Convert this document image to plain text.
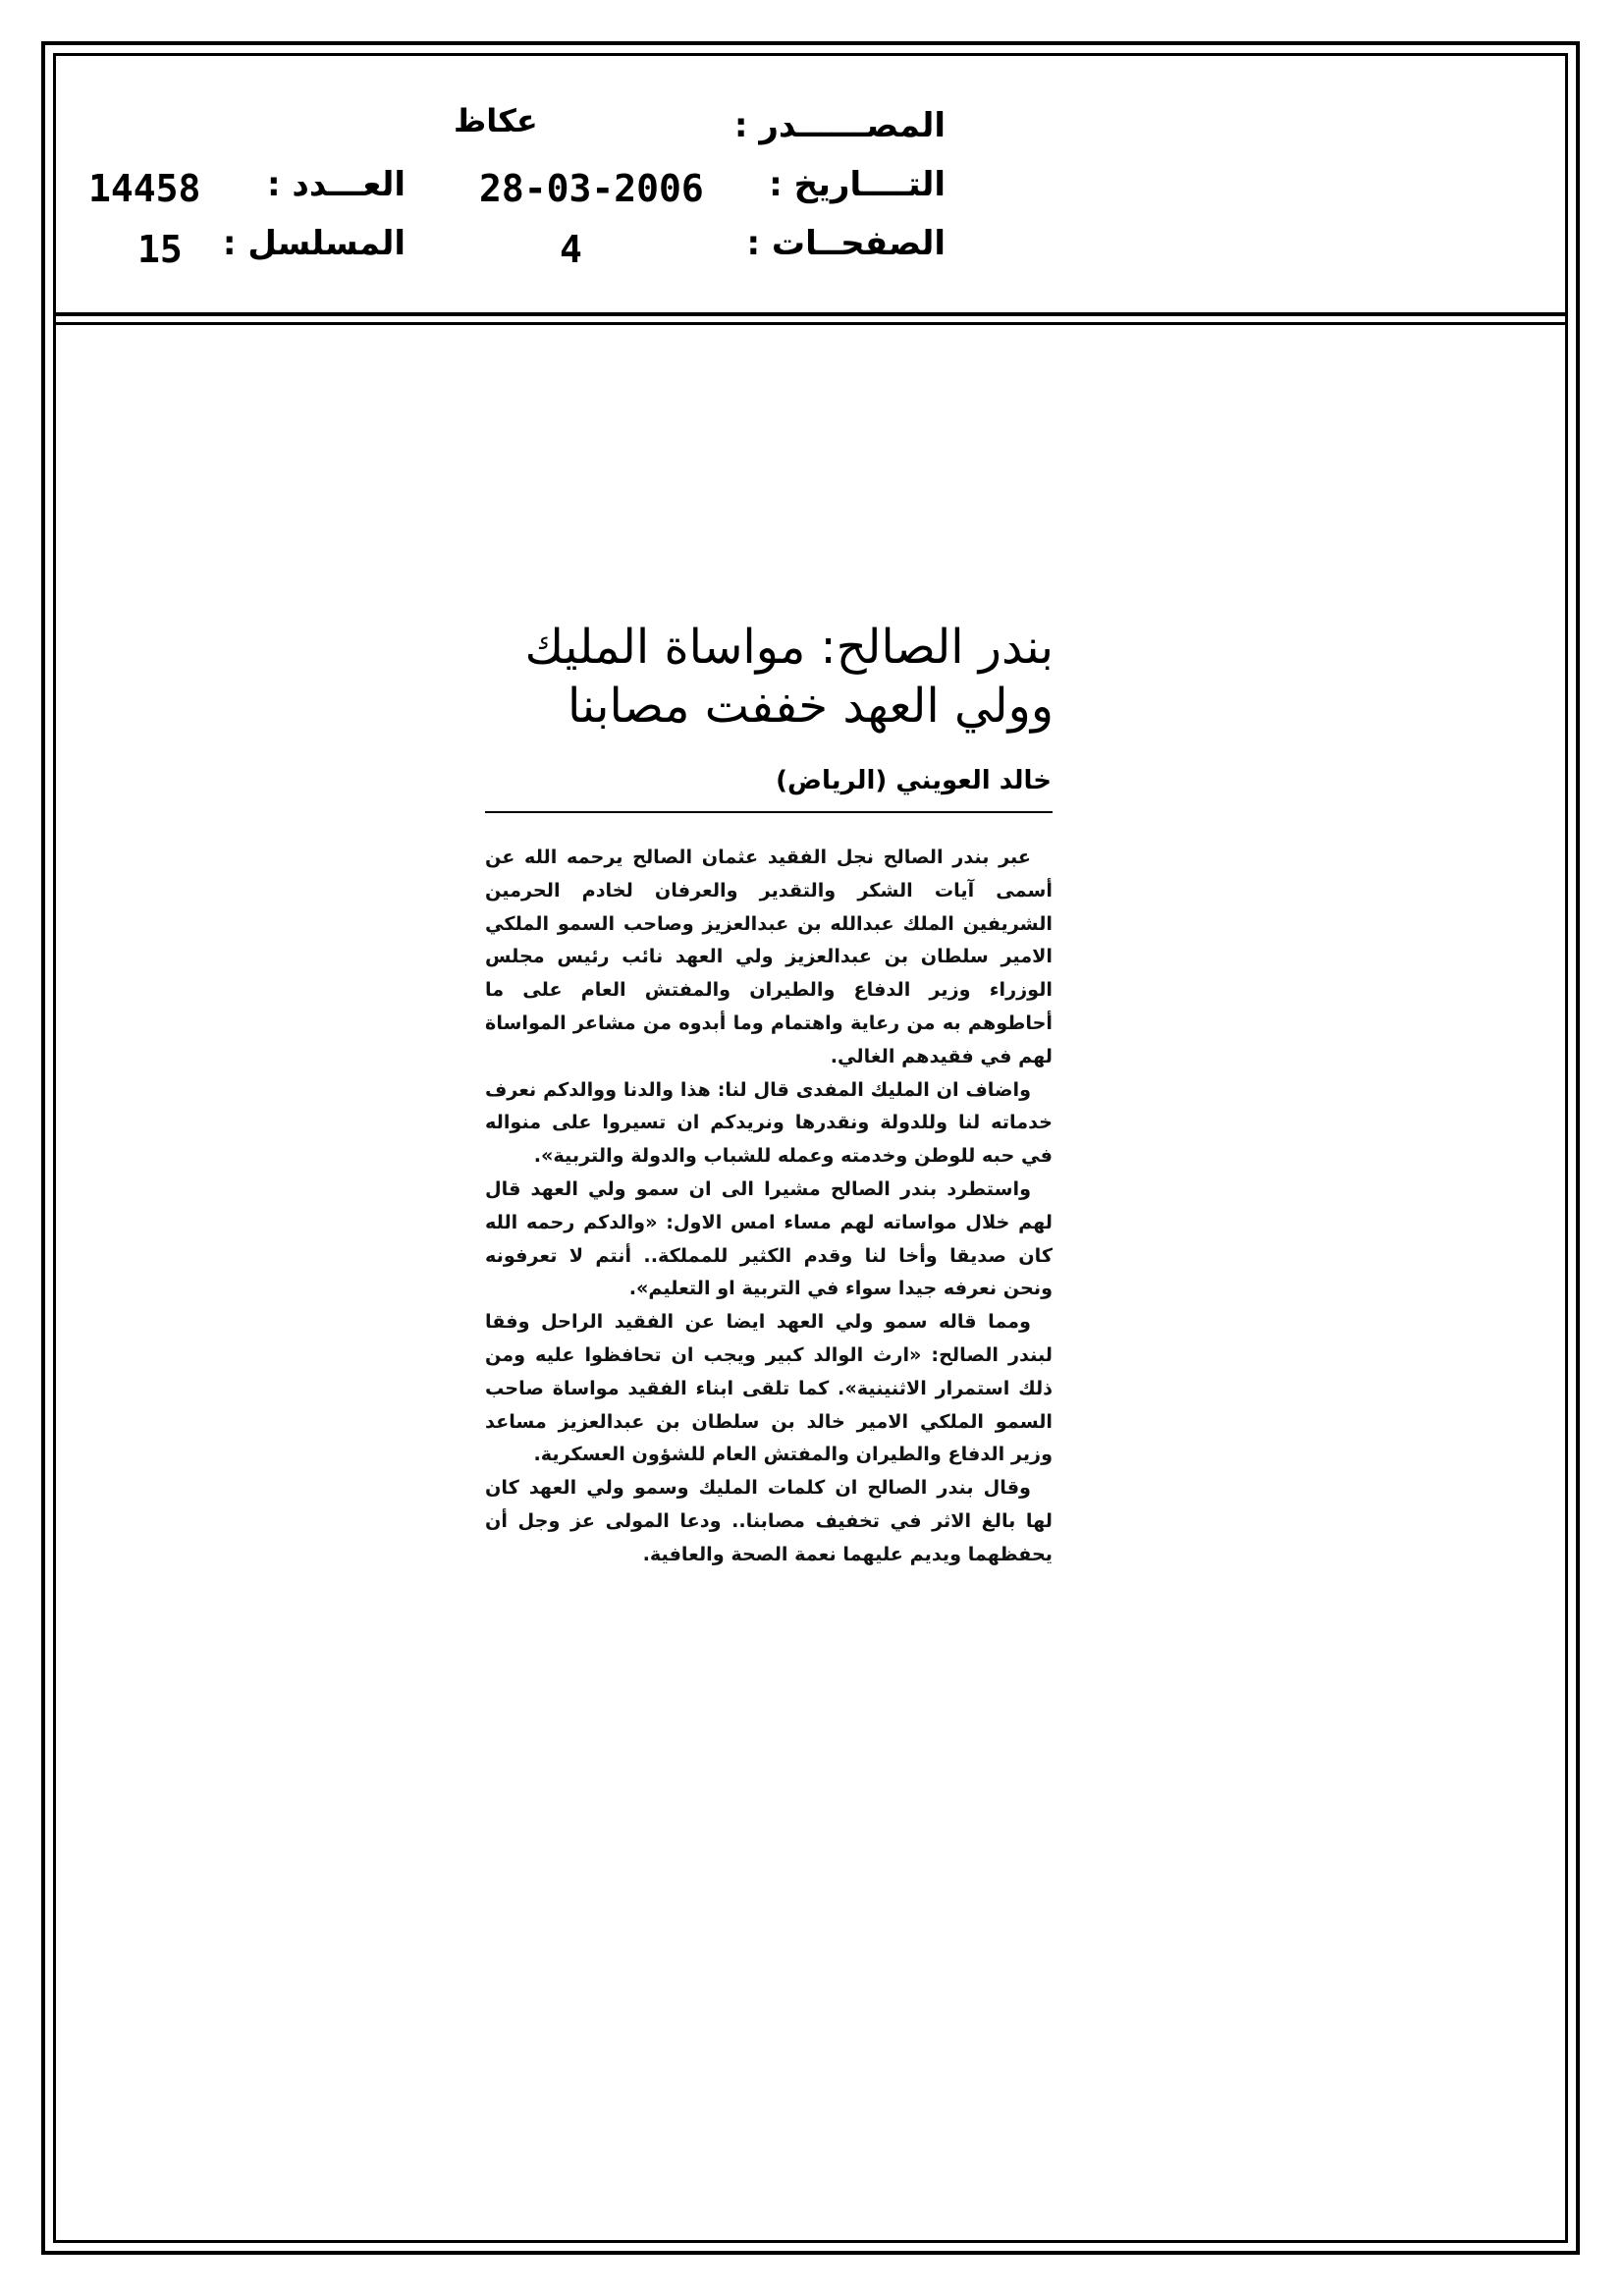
المصــــــدر :
عكاظ
التــــاريخ :
28-03-2006
العـــدد :
14458
الصفحــات :
4
المسلسل :
15
بندر الصالح: مواساة المليك
وولي العهد خففت مصابنا
خالد العويني (الرياض)

عبر بندر الصالح نجل الفقيد عثمان الصالح يرحمه الله عن أسمى آيات الشكر والتقدير والعرفان لخادم الحرمين الشريفين الملك عبدالله بن عبدالعزيز وصاحب السمو الملكي الامير سلطان بن عبدالعزيز ولي العهد نائب رئيس مجلس الوزراء وزير الدفاع والطيران والمفتش العام على ما أحاطوهم به من رعاية واهتمام وما أبدوه من مشاعر المواساة لهم في فقيدهم الغالي.

واضاف ان المليك المفدى قال لنا: هذا والدنا ووالدكم نعرف خدماته لنا وللدولة ونقدرها ونريدكم ان تسيروا على منواله في حبه للوطن وخدمته وعمله للشباب والدولة والتربية».

واستطرد بندر الصالح مشيرا الى ان سمو ولي العهد قال لهم خلال مواساته لهم مساء امس الاول: «والدكم رحمه الله كان صديقا وأخا لنا وقدم الكثير للمملكة.. أنتم لا تعرفونه ونحن نعرفه جيدا سواء في التربية او التعليم».

ومما قاله سمو ولي العهد ايضا عن الفقيد الراحل وفقا لبندر الصالح: «ارث الوالد كبير ويجب ان تحافظوا عليه ومن ذلك استمرار الاثنينية». كما تلقى ابناء الفقيد مواساة صاحب السمو الملكي الامير خالد بن سلطان بن عبدالعزيز مساعد وزير الدفاع والطيران والمفتش العام للشؤون العسكرية.

وقال بندر الصالح ان كلمات المليك وسمو ولي العهد كان لها بالغ الاثر في تخفيف مصابنا.. ودعا المولى عز وجل أن يحفظهما ويديم عليهما نعمة الصحة والعافية.
